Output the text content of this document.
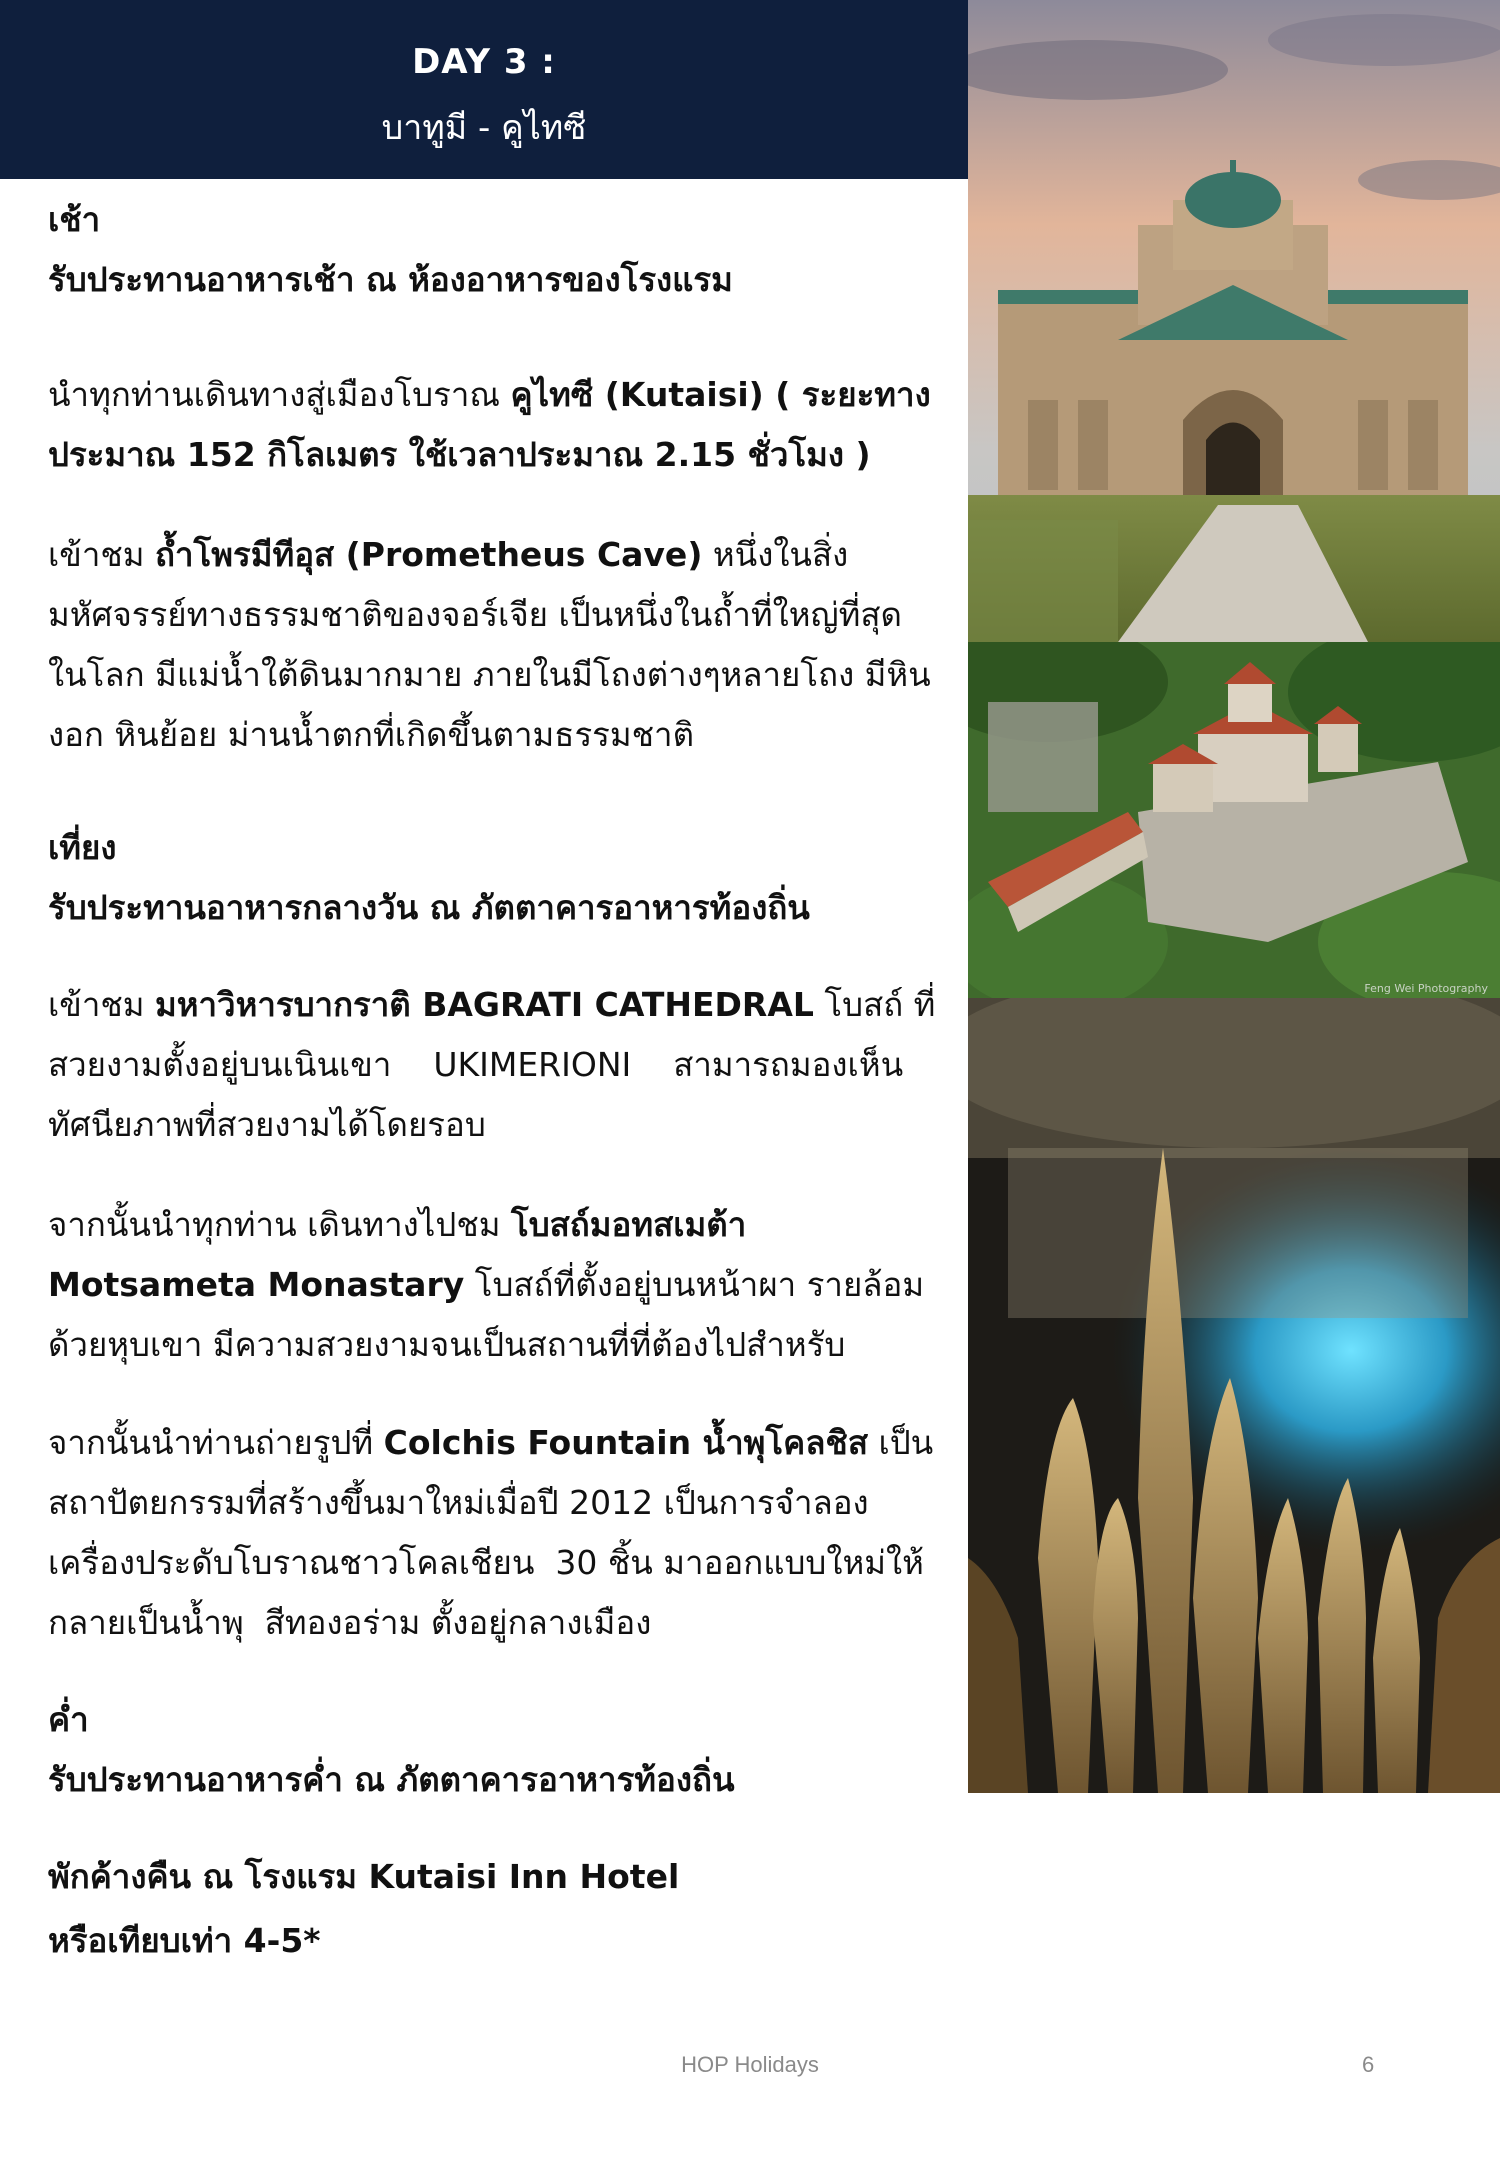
DAY 3 :
บาทูมี - คูไทซี
เช้า
รับประทานอาหารเช้า ณ ห้องอาหารของโรงแรม
นำทุกท่านเดินทางสู่เมืองโบราณ คูไทซี (Kutaisi) ( ระยะทาง
ประมาณ 152 กิโลเมตร ใช้เวลาประมาณ 2.15 ชั่วโมง )
เข้าชม ถ้ำโพรมีทีอุส (Prometheus Cave) หนึ่งในสิ่ง
มหัศจรรย์ทางธรรมชาติของจอร์เจีย เป็นหนึ่งในถ้ำที่ใหญ่ที่สุด
ในโลก มีแม่น้ำใต้ดินมากมาย ภายในมีโถงต่างๆหลายโถง มีหิน
งอก หินย้อย ม่านน้ำตกที่เกิดขึ้นตามธรรมชาติ
เที่ยง
รับประทานอาหารกลางวัน ณ ภัตตาคารอาหารท้องถิ่น
เข้าชม มหาวิหารบากราติ BAGRATI CATHEDRAL โบสถ์ ที่
สวยงามตั้งอยู่บนเนินเขา    UKIMERIONI    สามารถมองเห็น
ทัศนียภาพที่สวยงามได้โดยรอบ
จากนั้นนำทุกท่าน เดินทางไปชม โบสถ์มอทสเมต้า
Motsameta Monastary โบสถ์ที่ตั้งอยู่บนหน้าผา รายล้อม
ด้วยหุบเขา มีความสวยงามจนเป็นสถานที่ที่ต้องไปสำหรับ
จากนั้นนำท่านถ่ายรูปที่ Colchis Fountain น้ำพุโคลชิส เป็น
สถาปัตยกรรมที่สร้างขึ้นมาใหม่เมื่อปี 2012 เป็นการจำลอง
เครื่องประดับโบราณชาวโคลเชียน  30 ชิ้น มาออกแบบใหม่ให้
กลายเป็นน้ำพุ  สีทองอร่าม ตั้งอยู่กลางเมือง
ค่ำ
รับประทานอาหารค่ำ ณ ภัตตาคารอาหารท้องถิ่น
พักค้างคืน ณ โรงแรม Kutaisi Inn Hotel
หรือเทียบเท่า 4-5*
Feng Wei Photography
HOP Holidays	6
